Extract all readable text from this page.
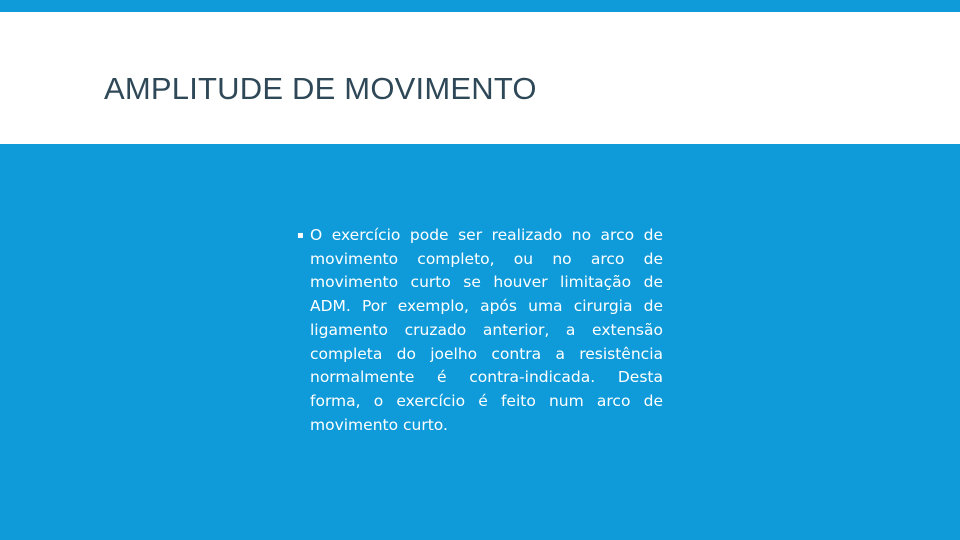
AMPLITUDE DE MOVIMENTO
▪ O exercício pode ser realizado no arco de movimento completo, ou no arco de movimento curto se houver limitação de ADM. Por exemplo, após uma cirurgia de ligamento cruzado anterior, a extensão completa do joelho contra a resistência normalmente é contra-indicada. Desta forma, o exercício é feito num arco de movimento curto.
